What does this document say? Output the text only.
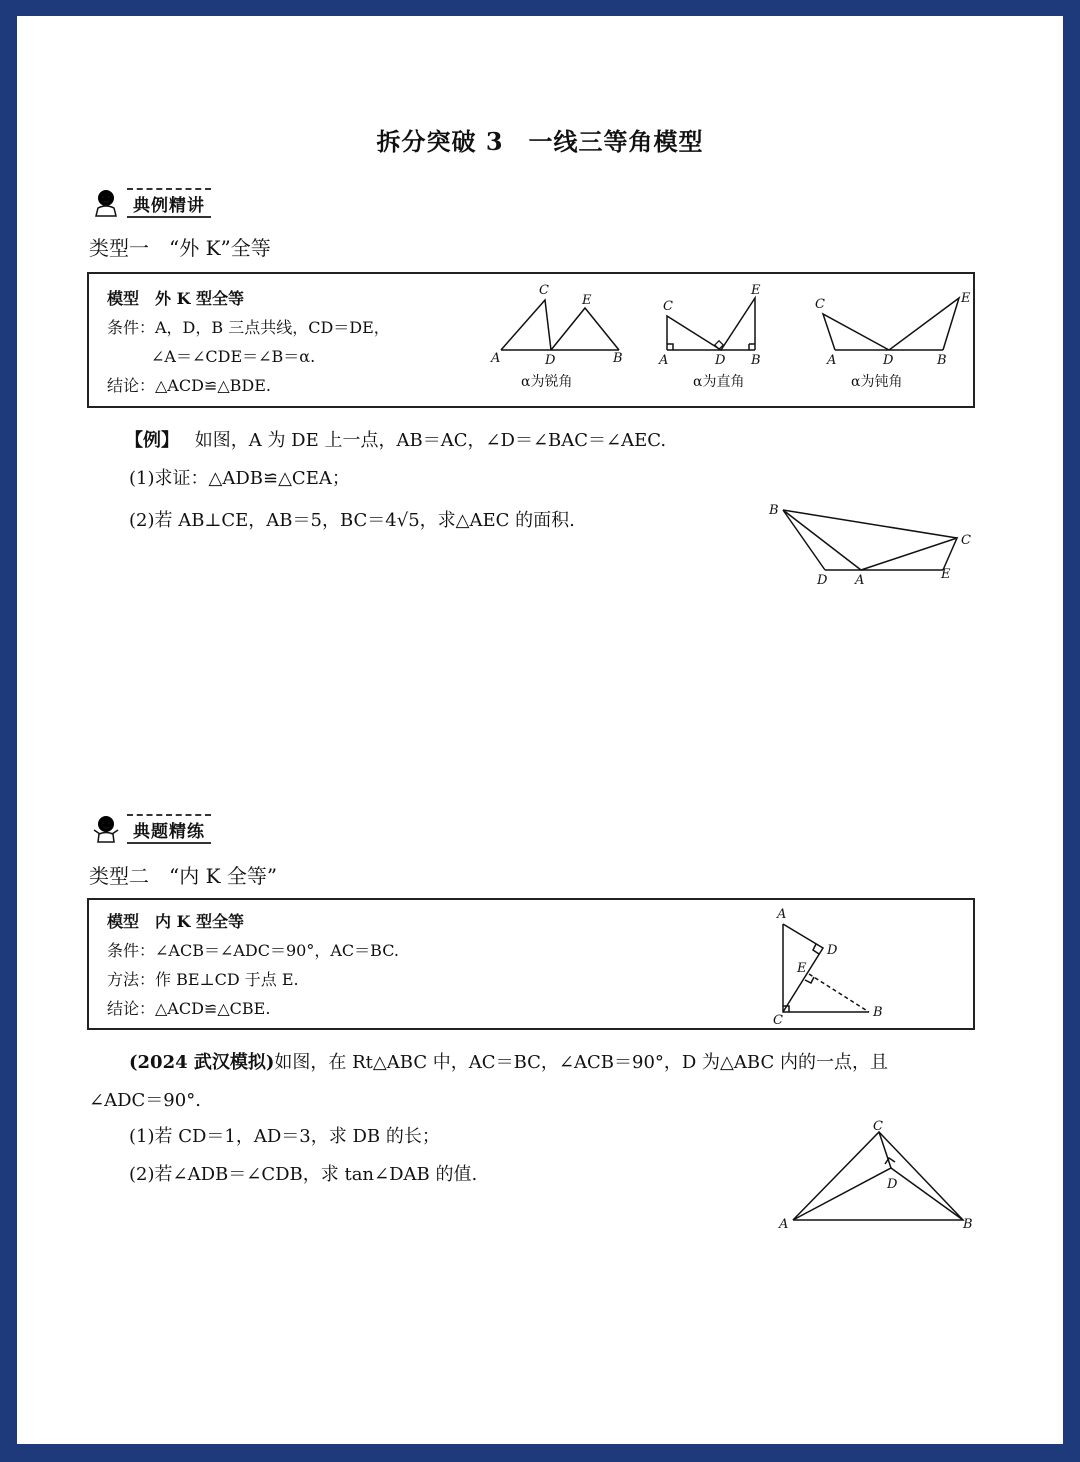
拆分突破 3　一线三等角模型
典例精讲
类型一　“外 K”全等
模型　外 K 型全等
条件：A，D，B 三点共线，CD＝DE，
∠A＝∠CDE＝∠B＝α.
结论：△ACD≌△BDE.
A
C
D
E
B
α为锐角
C
A	D
E
B
α为直角
C
A	D
E
B
α为钝角
【例】 如图，A 为 DE 上一点，AB＝AC，∠D＝∠BAC＝∠AEC.
(1)求证：△ADB≌△CEA；
(2)若 AB⊥CE，AB＝5，BC＝4√5，求△AEC 的面积.	B
C
D A	E
典题精练
类型二　“内 K 全等”
模型　内 K 型全等
条件：∠ACB＝∠ADC＝90°，AC＝BC.
方法：作 BE⊥CD 于点 E.
结论：△ACD≌△CBE.
A
D
E
B
C
(2024 武汉模拟)如图，在 Rt△ABC 中，AC＝BC，∠ACB＝90°，D 为△ABC 内的一点，且
∠ADC＝90°.
(1)若 CD＝1，AD＝3，求 DB 的长；
(2)若∠ADB＝∠CDB，求 tan∠DAB 的值.
C
D
A	B
